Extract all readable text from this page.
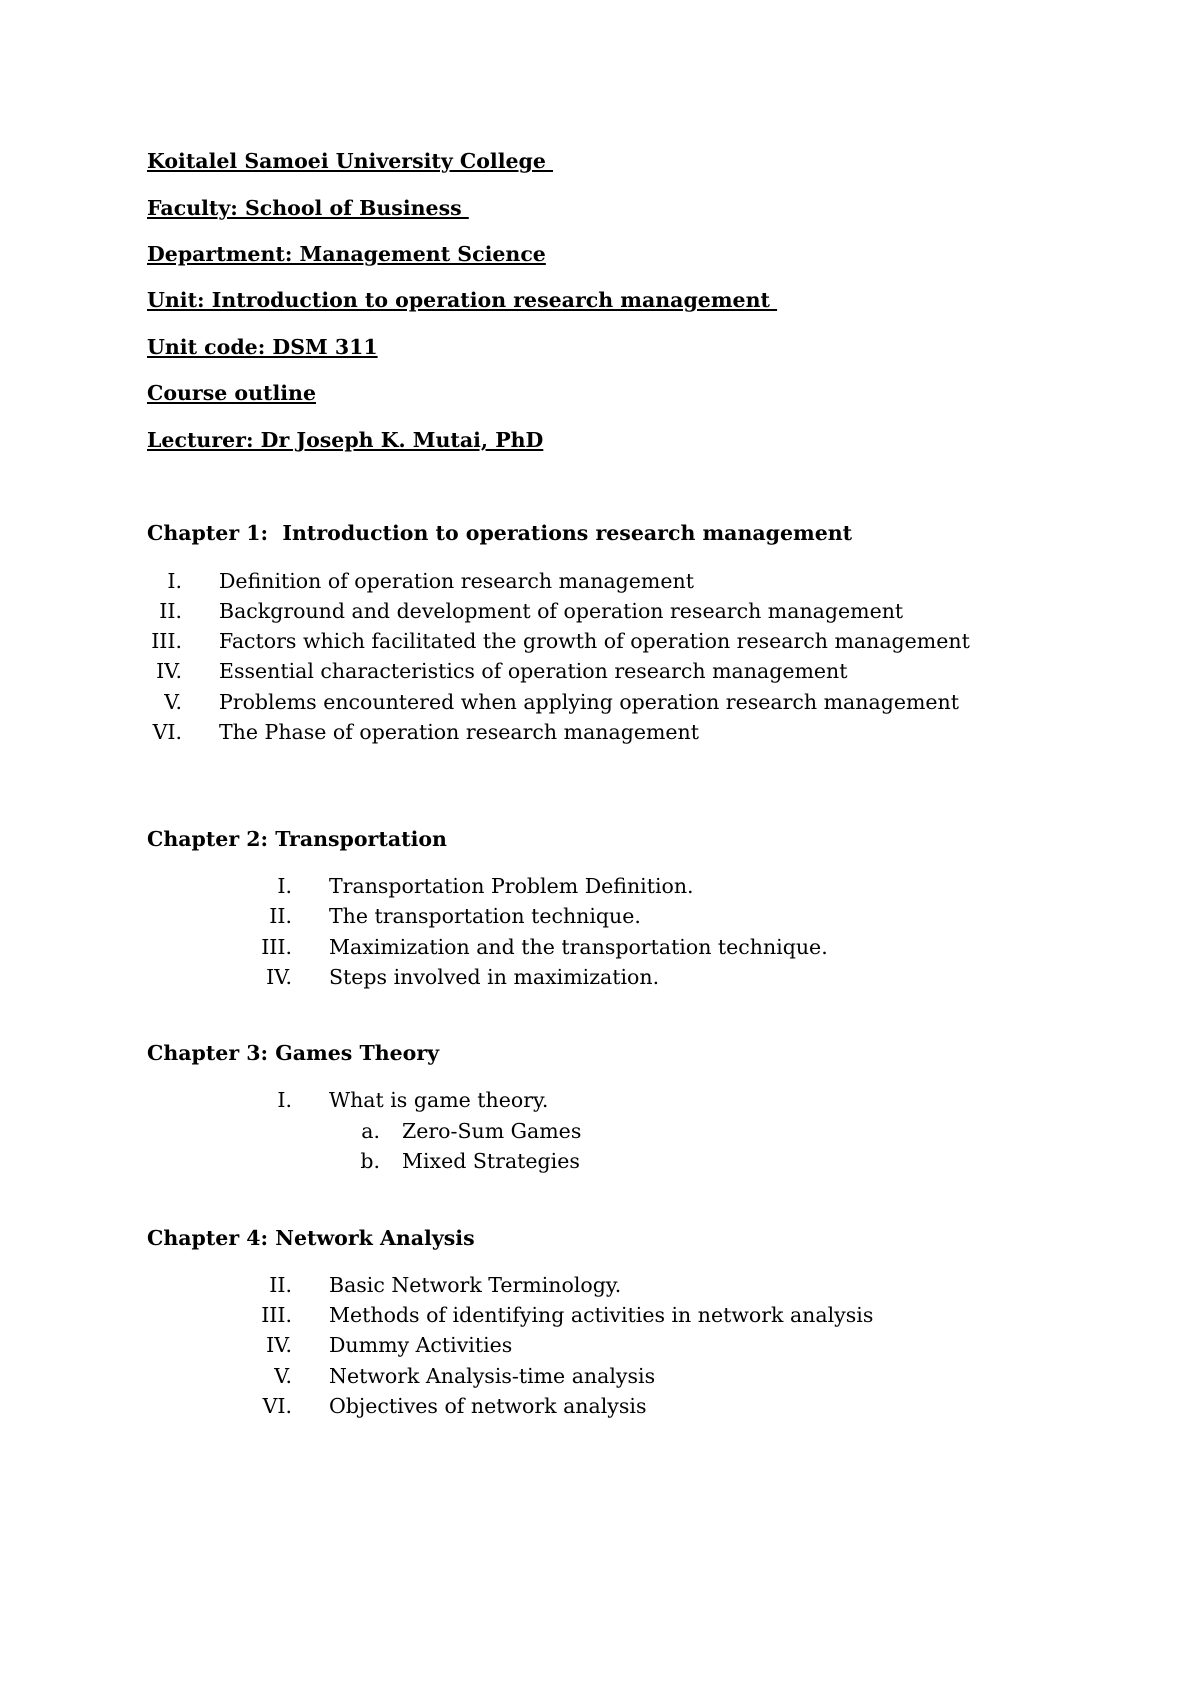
Koitalel Samoei University College
Faculty: School of Business
Department: Management Science
Unit: Introduction to operation research management
Unit code: DSM 311
Course outline
Lecturer: Dr Joseph K. Mutai, PhD
Chapter 1:  Introduction to operations research management
I. Definition of operation research management
II. Background and development of operation research management
III. Factors which facilitated the growth of operation research management
IV. Essential characteristics of operation research management
V. Problems encountered when applying operation research management
VI. The Phase of operation research management
Chapter 2: Transportation
I. Transportation Problem Definition.
II. The transportation technique.
III. Maximization and the transportation technique.
IV. Steps involved in maximization.
Chapter 3: Games Theory
I. What is game theory.
a. Zero-Sum Games
b. Mixed Strategies
Chapter 4: Network Analysis
II. Basic Network Terminology.
III. Methods of identifying activities in network analysis
IV. Dummy Activities
V. Network Analysis-time analysis
VI. Objectives of network analysis
